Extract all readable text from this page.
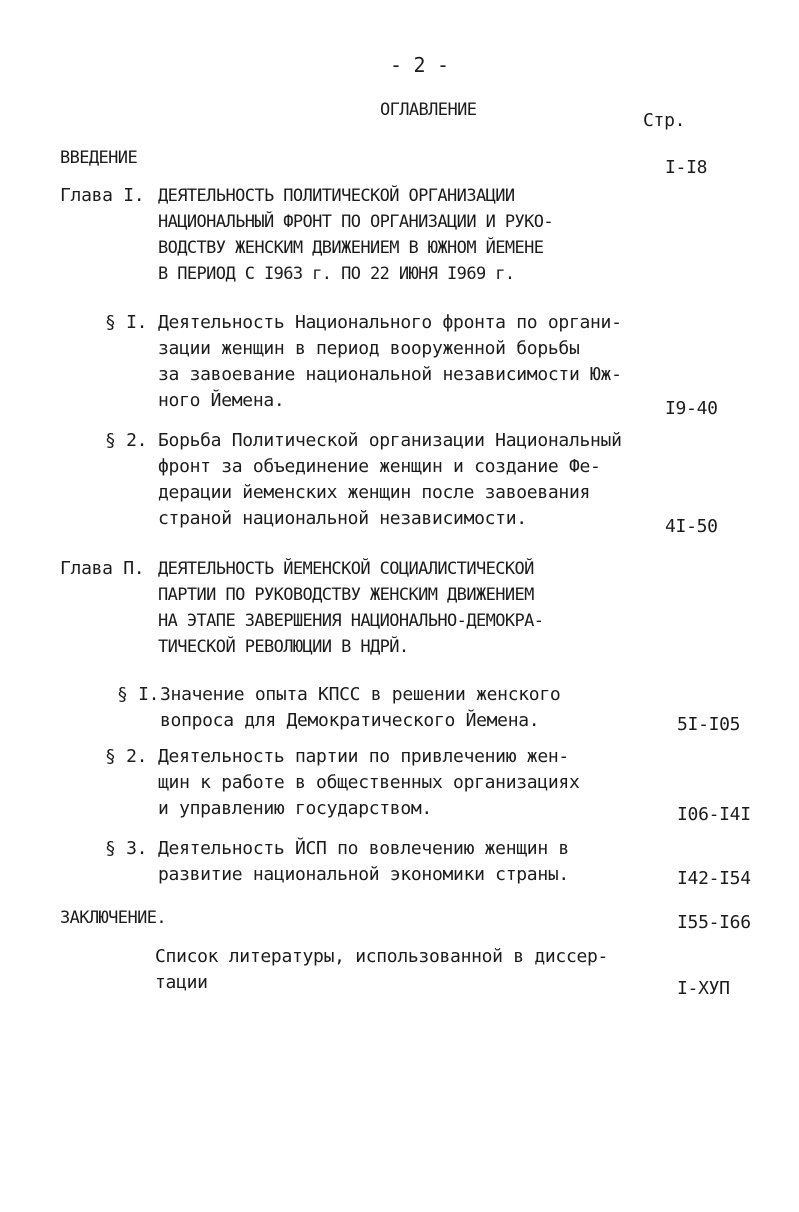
- 2 -
ОГЛАВЛЕНИЕ	Стр.
ВВЕДЕНИЕ	I-I8
Глава I. ДЕЯТЕЛЬНОСТЬ ПОЛИТИЧЕСКОЙ ОРГАНИЗАЦИИ
НАЦИОНАЛЬНЫЙ ФРОНТ ПО ОРГАНИЗАЦИИ И РУКО-
ВОДСТВУ ЖЕНСКИМ ДВИЖЕНИЕМ В ЮЖНОМ ЙЕМЕНЕ
В ПЕРИОД С I963 г. ПО 22 ИЮНЯ I969 г.
§ I. Деятельность Национального фронта по органи-
зации женщин в период вооруженной борьбы
за завоевание национальной независимости Юж-
ного Йемена.	I9-40
§ 2. Борьба Политической организации Национальный
фронт за объединение женщин и создание Фе-
дерации йеменских женщин после завоевания
страной национальной независимости.	4I-50
Глава П. ДЕЯТЕЛЬНОСТЬ ЙЕМЕНСКОЙ СОЦИАЛИСТИЧЕСКОЙ
ПАРТИИ ПО РУКОВОДСТВУ ЖЕНСКИМ ДВИЖЕНИЕМ
НА ЭТАПЕ ЗАВЕРШЕНИЯ НАЦИОНАЛЬНО-ДЕМОКРА-
ТИЧЕСКОЙ РЕВОЛЮЦИИ В НДРЙ.
§ I. Значение опыта КПСС в решении женского
вопроса для Демократического Йемена.	5I-I05
§ 2. Деятельность партии по привлечению жен-
щин к работе в общественных организациях
и управлению государством.	I06-I4I
§ 3. Деятельность ЙСП по вовлечению женщин в
развитие национальной экономики страны.	I42-I54
ЗАКЛЮЧЕНИЕ.	I55-I66
Список литературы, использованной в диссер-
тации	I-ХУП
